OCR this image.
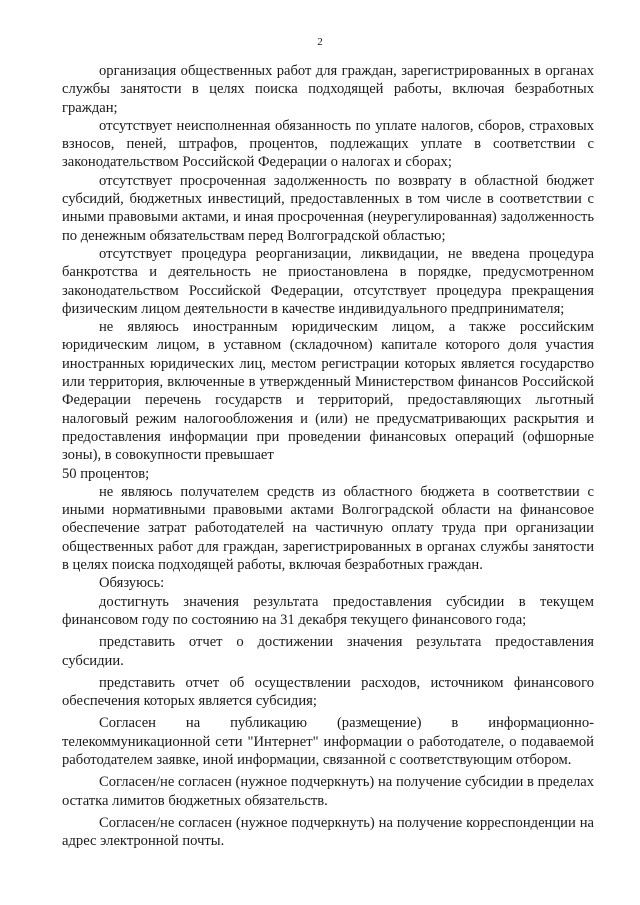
2

организация общественных работ для граждан, зарегистрированных в органах службы занятости в целях поиска подходящей работы, включая безработных граждан;

отсутствует неисполненная обязанность по уплате налогов, сборов, страховых взносов, пеней, штрафов, процентов, подлежащих уплате в соответствии с законодательством Российской Федерации о налогах и сборах;

отсутствует просроченная задолженность по возврату в областной бюджет субсидий, бюджетных инвестиций, предоставленных в том числе в соответствии с иными правовыми актами, и иная просроченная (неурегулированная) задолженность по денежным обязательствам перед Волгоградской областью;

отсутствует процедура реорганизации, ликвидации, не введена процедура банкротства и деятельность не приостановлена в порядке, предусмотренном законодательством Российской Федерации, отсутствует процедура прекращения физическим лицом деятельности в качестве индивидуального предпринимателя;

не являюсь иностранным юридическим лицом, а также российским юридическим лицом, в уставном (складочном) капитале которого доля участия иностранных юридических лиц, местом регистрации которых является государство или территория, включенные в утвержденный Министерством финансов Российской Федерации перечень государств и территорий, предоставляющих льготный налоговый режим налогообложения и (или) не предусматривающих раскрытия и предоставления информации при проведении финансовых операций (офшорные зоны), в совокупности превышает

50 процентов;

не являюсь получателем средств из областного бюджета в соответствии с иными нормативными правовыми актами Волгоградской области на финансовое обеспечение затрат работодателей на частичную оплату труда при организации общественных работ для граждан, зарегистрированных в органах службы занятости в целях поиска подходящей работы, включая безработных граждан.

Обязуюсь:

достигнуть значения результата предоставления субсидии в текущем финансовом году по состоянию на 31 декабря текущего финансового года;

представить отчет о достижении значения результата предоставления субсидии.

представить отчет об осуществлении расходов, источником финансового обеспечения которых является субсидия;

Согласен на публикацию (размещение) в информационно-телекоммуникационной сети "Интернет" информации о работодателе, о подаваемой работодателем заявке, иной информации, связанной с соответствующим отбором.

Согласен/не согласен (нужное подчеркнуть) на получение субсидии в пределах остатка лимитов бюджетных обязательств.

Согласен/не согласен (нужное подчеркнуть) на получение корреспонденции на адрес электронной почты.
